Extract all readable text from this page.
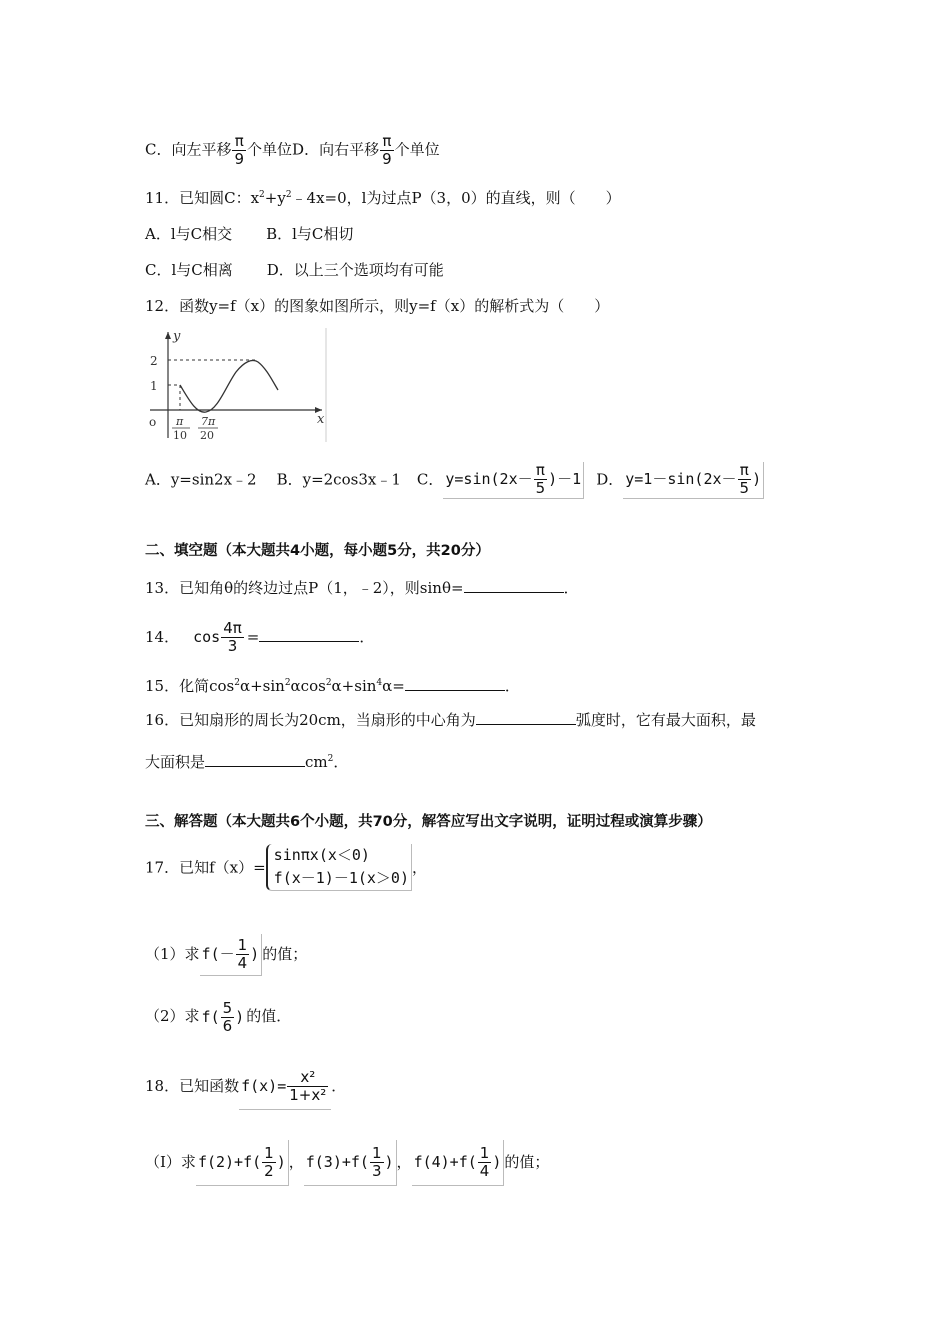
C．向左平移 $\frac{\pi}{9}$ 个单位D．向右平移 $\frac{\pi}{9}$ 个单位
11．已知圆C：$x^2+y^2﹣4x=0$，l为过点P（3，0）的直线，则（　　）
A．l与C相交 B．l与C相切
C．l与C相离 D．以上三个选项均有可能
12．函数y=f（x）的图象如图所示，则y=f（x）的解析式为（　　）
y
x
o
2
1
π
10
7π
20
A．y=sin2x﹣2 B．y=2cos3x﹣1 C． $y=\sin(2x- \frac{\pi}{5} )-1$ D． $y=1-\sin(2x- \frac{\pi}{5}$ )
二、填空题（本大题共4小题，每小题5分，共20分）
13．已知角θ的终边过点P（1，﹣2），则sinθ=	．
14． $\cos \frac{4\pi}{3}$ =	．
15．化简$\cos^2\alpha+\sin^2\alpha\cos^2\alpha+\sin^4\alpha=$	．
16．已知扇形的周长为20cm，当扇形的中心角为	弧度时，它有最大面积，最
大面积是	$cm^2$．
三、解答题（本大题共6个小题，共70分，解答应写出文字说明，证明过程或演算步骤）
17．已知f（x）=
sinπx(x＜0)
f(x－1)－1(x＞0)
，
（1）求 $f(- \frac{1}{4}$ ) 的值；
（2）求 $f( \frac{5}{6}$ ) 的值．
18．已知函数 $f(x)= \frac{\text{x²}}{\text{1+x²}}$ ．
（Ⅰ）求 $f(2)+f( \frac{1}{2}$ ) ， $f(3)+f( \frac{1}{3}$ ) ， $f(4)+f( \frac{1}{4}$ ) 的值；
